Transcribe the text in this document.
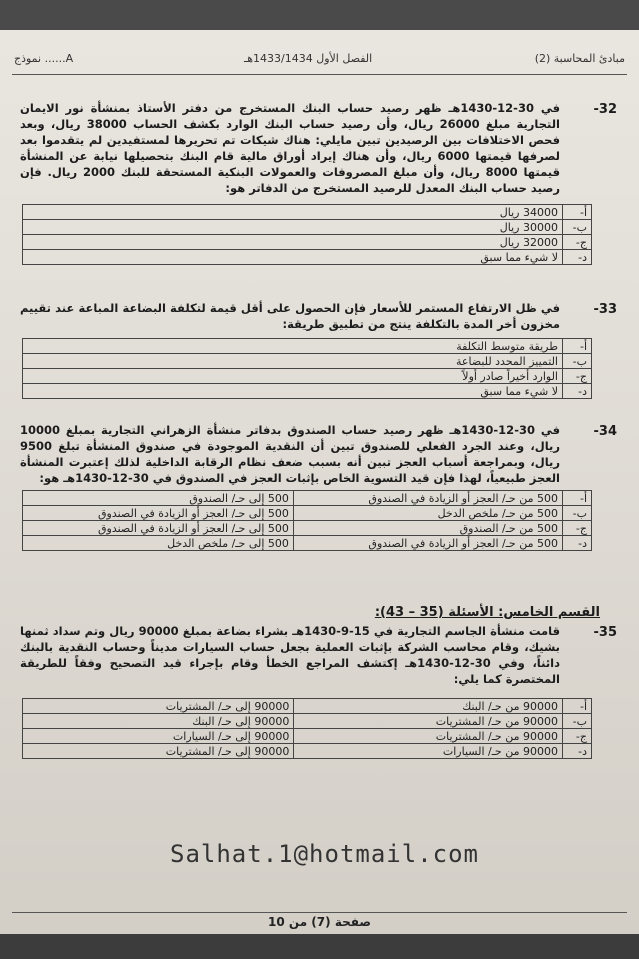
مبادئ المحاسبة (2)
الفصل الأول 1433/1434هـ
نموذج ......A
-32
في 30-12-1430هـ ظهر رصيد حساب البنك المستخرج من دفتر الأستاذ بمنشأة نور الايمان التجارية مبلغ 26000 ريال، وأن رصيد حساب البنك الوارد بكشف الحساب 38000 ريال، وبعد فحص الاختلافات بين الرصيدين تبين مايلي: هناك شيكات تم تحريرها لمستفيدين لم يتقدموا بعد لصرفها قيمتها 6000 ريال، وأن هناك إيراد أوراق مالية قام البنك بتحصيلها نيابة عن المنشأة قيمتها 8000 ريال، وأن مبلغ المصروفات والعمولات البنكية المستحقة للبنك 2000 ريال. فإن رصيد حساب البنك المعدل للرصيد المستخرج من الدفاتر هو:
أ-	34000 ريال
ب-	30000 ريال
ج-	32000 ريال
د-	لا شيء مما سبق
-33
في ظل الارتفاع المستمر للأسعار فإن الحصول على أقل قيمة لتكلفة البضاعة المباعة عند تقييم مخزون أخر المدة بالتكلفة ينتج من تطبيق طريقة:
أ-	طريقة متوسط التكلفة
ب-	التمييز المحدد للبضاعة
ج-	الوارد أخيراً صادر أولاً
د-	لا شيء مما سبق
-34
في 30-12-1430هـ ظهر رصيد حساب الصندوق بدفاتر منشأة الزهراني التجارية بمبلغ 10000 ريال، وعند الجرد الفعلي للصندوق تبين أن النقدية الموجودة في صندوق المنشأة تبلغ 9500 ريال، وبمراجعة أسباب العجز تبين أنه بسبب ضعف نظام الرقابة الداخلية لذلك إعتبرت المنشأة العجز طبيعياً، لهذا فإن قيد التسوية الخاص بإثبات العجز في الصندوق في 30-12-1430هـ هو:
أ-	500 من حـ/ العجز أو الزيادة في الصندوق	500 إلى حـ/ الصندوق
ب-	500 من حـ/ ملخص الدخل	500 إلى حـ/ العجز أو الزيادة في الصندوق
ج-	500 من حـ/ الصندوق	500 إلى حـ/ العجز أو الزيادة في الصندوق
د-	500 من حـ/ العجز أو الزيادة في الصندوق	500 إلى حـ/ ملخص الدخل
القسم الخامس: الأسئلة (35 – 43):
-35
قامت منشأة الجاسم التجارية في 15-9-1430هـ بشراء بضاعة بمبلغ 90000 ريال وتم سداد ثمنها بشيك، وقام محاسب الشركة بإثبات العملية بجعل حساب السيارات مديناً وحساب النقدية بالبنك دائناً، وفي 30-12-1430هـ إكتشف المراجع الخطأ وقام بإجراء قيد التصحيح وفقاً للطريقة المختصرة كما يلي:
أ-	90000 من حـ/ البنك	90000 إلى حـ/ المشتريات
ب-	90000 من حـ/ المشتريات	90000 إلى حـ/ البنك
ج-	90000 من حـ/ المشتريات	90000 إلى حـ/ السيارات
د-	90000 من حـ/ السيارات	90000 إلى حـ/ المشتريات
Salhat.1@hotmail.com
صفحة (7) من 10
